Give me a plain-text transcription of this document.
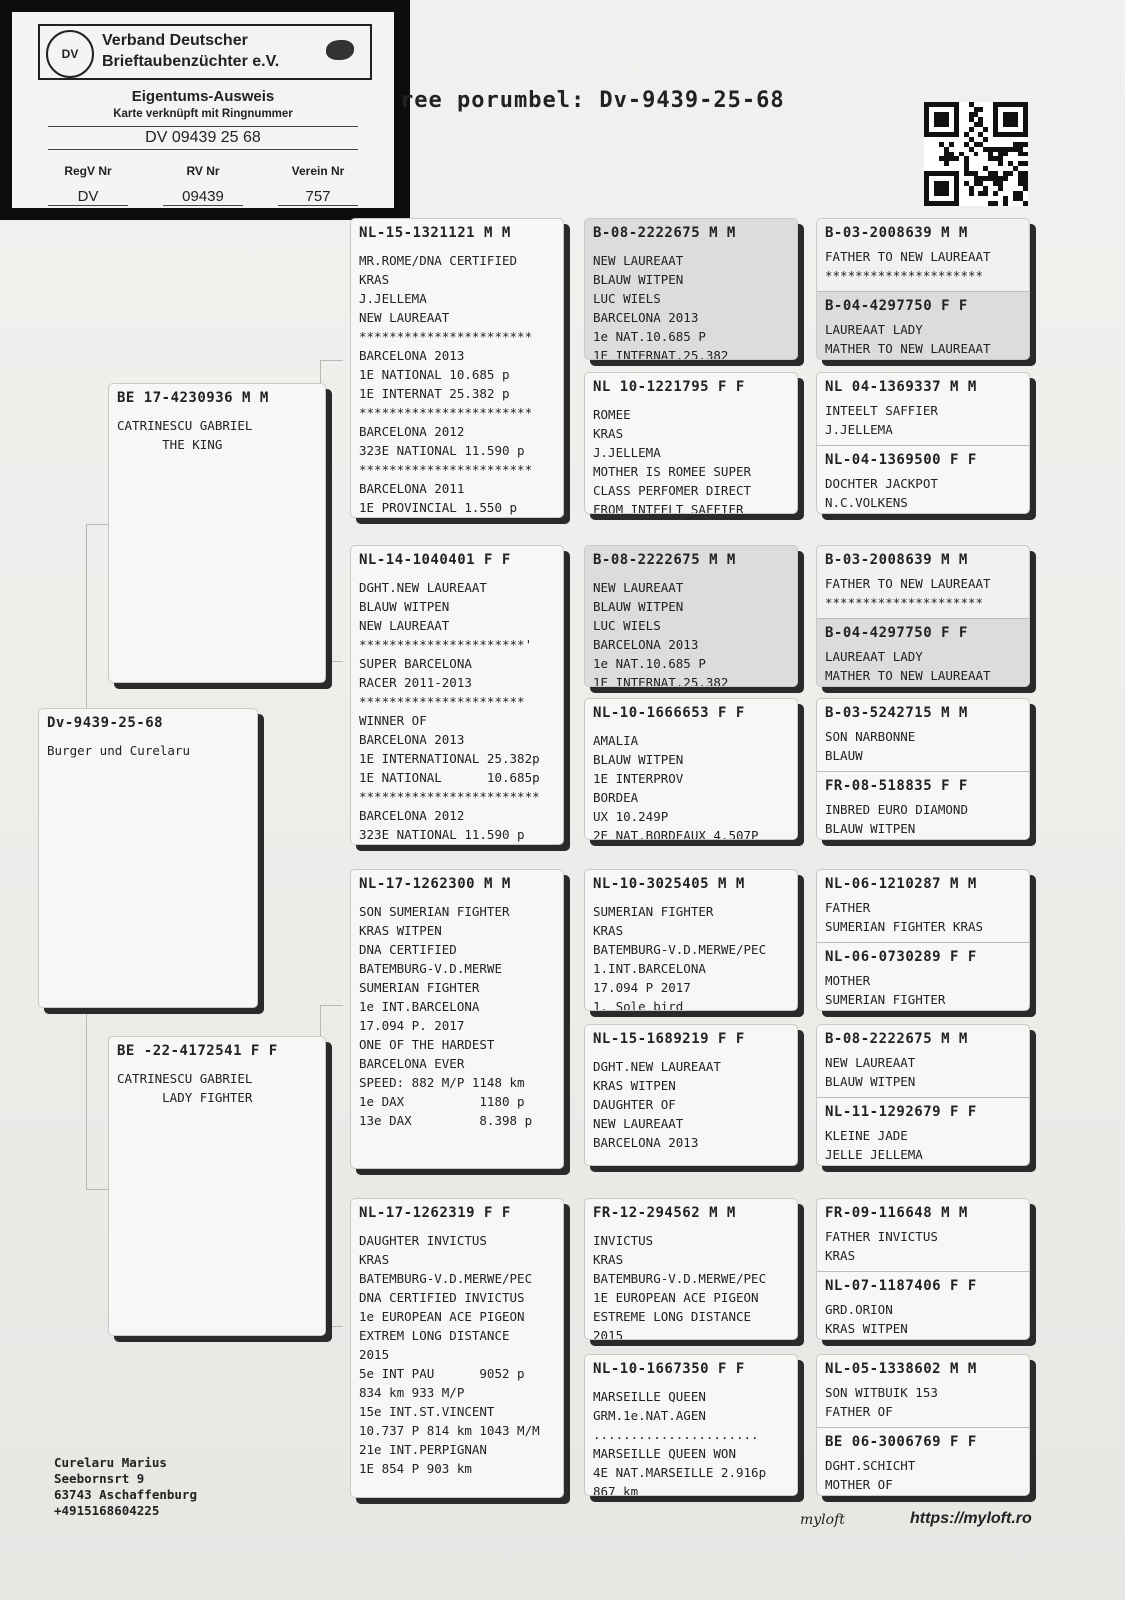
DV
Verband Deutscher
Brieftaubenzüchter e.V.
Eigentums-Ausweis
Karte verknüpft mit Ringnummer
DV 09439 25 68
RegV Nr	RV Nr	Verein Nr
DV	09439	757
ree porumbel: Dv-9439-25-68
Dv-9439-25-68
Burger und Curelaru
BE 17-4230936 M M
CATRINESCU GABRIEL
THE KING
BE -22-4172541 F F
CATRINESCU GABRIEL
LADY FIGHTER
NL-15-1321121 M M
MR.ROME/DNA CERTIFIED
KRAS
J.JELLEMA
NEW LAUREAAT
***********************
BARCELONA 2013
1E NATIONAL 10.685 p
1E INTERNAT 25.382 p
***********************
BARCELONA 2012
323E NATIONAL 11.590 p
***********************
BARCELONA 2011
1E PROVINCIAL 1.550 p
NL-14-1040401 F F
DGHT.NEW LAUREAAT
BLAUW WITPEN
NEW LAUREAAT
**********************'
SUPER BARCELONA
RACER 2011-2013
**********************
WINNER OF
BARCELONA 2013
1E INTERNATIONAL 25.382p
1E NATIONAL      10.685p
************************
BARCELONA 2012
323E NATIONAL 11.590 p
NL-17-1262300 M M
SON SUMERIAN FIGHTER
KRAS WITPEN
DNA CERTIFIED
BATEMBURG-V.D.MERWE
SUMERIAN FIGHTER
1e INT.BARCELONA
17.094 P. 2017
ONE OF THE HARDEST
BARCELONA EVER
SPEED: 882 M/P 1148 km
1e DAX          1180 p
13e DAX         8.398 p
NL-17-1262319 F F
DAUGHTER INVICTUS
KRAS
BATEMBURG-V.D.MERWE/PEC
DNA CERTIFIED INVICTUS
1e EUROPEAN ACE PIGEON
EXTREM LONG DISTANCE
2015
5e INT PAU      9052 p
834 km 933 M/P
15e INT.ST.VINCENT
10.737 P 814 km 1043 M/M
21e INT.PERPIGNAN
1E 854 P 903 km
B-08-2222675 M M
NEW LAUREAAT
BLAUW WITPEN
LUC WIELS
BARCELONA 2013
1e NAT.10.685 P
1E INTERNAT.25.382
NL 10-1221795 F F
ROMEE
KRAS
J.JELLEMA
MOTHER IS ROMEE SUPER
CLASS PERFOMER DIRECT
FROM INTEELT SAFFIER
B-08-2222675 M M
NEW LAUREAAT
BLAUW WITPEN
LUC WIELS
BARCELONA 2013
1e NAT.10.685 P
1E INTERNAT.25.382
NL-10-1666653 F F
AMALIA
BLAUW WITPEN
1E INTERPROV
BORDEA
UX 10.249P
2E NAT.BORDEAUX 4.507P
NL-10-3025405 M M
SUMERIAN FIGHTER
KRAS
BATEMBURG-V.D.MERWE/PEC
1.INT.BARCELONA
17.094 P 2017
1. Sole bird
NL-15-1689219 F F
DGHT.NEW LAUREAAT
KRAS WITPEN
DAUGHTER OF
NEW LAUREAAT
BARCELONA 2013
FR-12-294562 M M
INVICTUS
KRAS
BATEMBURG-V.D.MERWE/PEC
1E EUROPEAN ACE PIGEON
ESTREME LONG DISTANCE
2015
NL-10-1667350 F F
MARSEILLE QUEEN
GRM.1e.NAT.AGEN
......................
MARSEILLE QUEEN WON
4E NAT.MARSEILLE 2.916p
867 km
B-03-2008639 M M
FATHER TO NEW LAUREAAT
*********************
B-04-4297750 F F
LAUREAAT LADY
MATHER TO NEW LAUREAAT
NL 04-1369337 M M
INTEELT SAFFIER
J.JELLEMA
NL-04-1369500 F F
DOCHTER JACKPOT
N.C.VOLKENS
B-03-2008639 M M
FATHER TO NEW LAUREAAT
*********************
B-04-4297750 F F
LAUREAAT LADY
MATHER TO NEW LAUREAAT
B-03-5242715 M M
SON NARBONNE
BLAUW
FR-08-518835 F F
INBRED EURO DIAMOND
BLAUW WITPEN
NL-06-1210287 M M
FATHER
SUMERIAN FIGHTER KRAS
NL-06-0730289 F F
MOTHER
SUMERIAN FIGHTER
B-08-2222675 M M
NEW LAUREAAT
BLAUW WITPEN
NL-11-1292679 F F
KLEINE JADE
JELLE JELLEMA
FR-09-116648 M M
FATHER INVICTUS
KRAS
NL-07-1187406 F F
GRD.ORION
KRAS WITPEN
NL-05-1338602 M M
SON WITBUIK 153
FATHER OF
BE 06-3006769 F F
DGHT.SCHICHT
MOTHER OF
Curelaru Marius
Seebornsrt 9
63743 Aschaffenburg
+4915168604225
myloft	https://myloft.ro
